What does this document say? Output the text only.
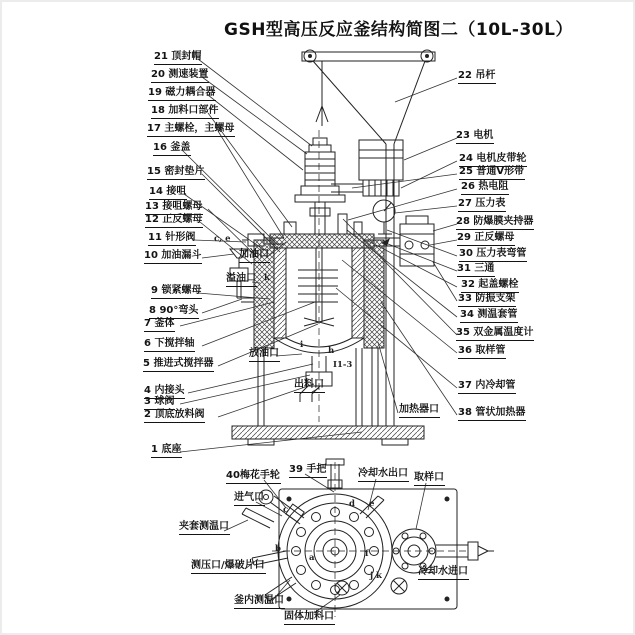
GSH型高压反应釜结构简图二（10L-30L）
21 顶封帽
20 测速装置
19 磁力耦合器
18 加料口部件
17 主螺栓，主螺母
16 釜盖
15 密封垫片
14 接咀
13 接咀螺母
12 正反螺母
11 针形阀
10 加油漏斗
9 锁紧螺母
8 90°弯头
7 釜体
6 下搅拌轴
5 推进式搅拌器
4 内接头
3 球阀
2 顶底放料阀
1 底座
22 吊杆
23 电机
24 电机皮带轮
25 普通V形带
26 热电阻
27 压力表
28 防爆膜夹持器
29 正反螺母
30 压力表弯管
31 三通
32 起盖螺栓
33 防振支架
34 测温套管
35 双金属温度计
36 取样管
37 内冷却管
38 管状加热器
加油口
溢油口
放油口
出料口
加热器口
40梅花手轮
39 手把	冷却水出口 取样口
进气口
夹套测温口
测压口/爆破片口
釜内测温口
固体加料口
冷却水进口
c, e
k
i
h
I1-3
c
d e
b
a	f
j k
